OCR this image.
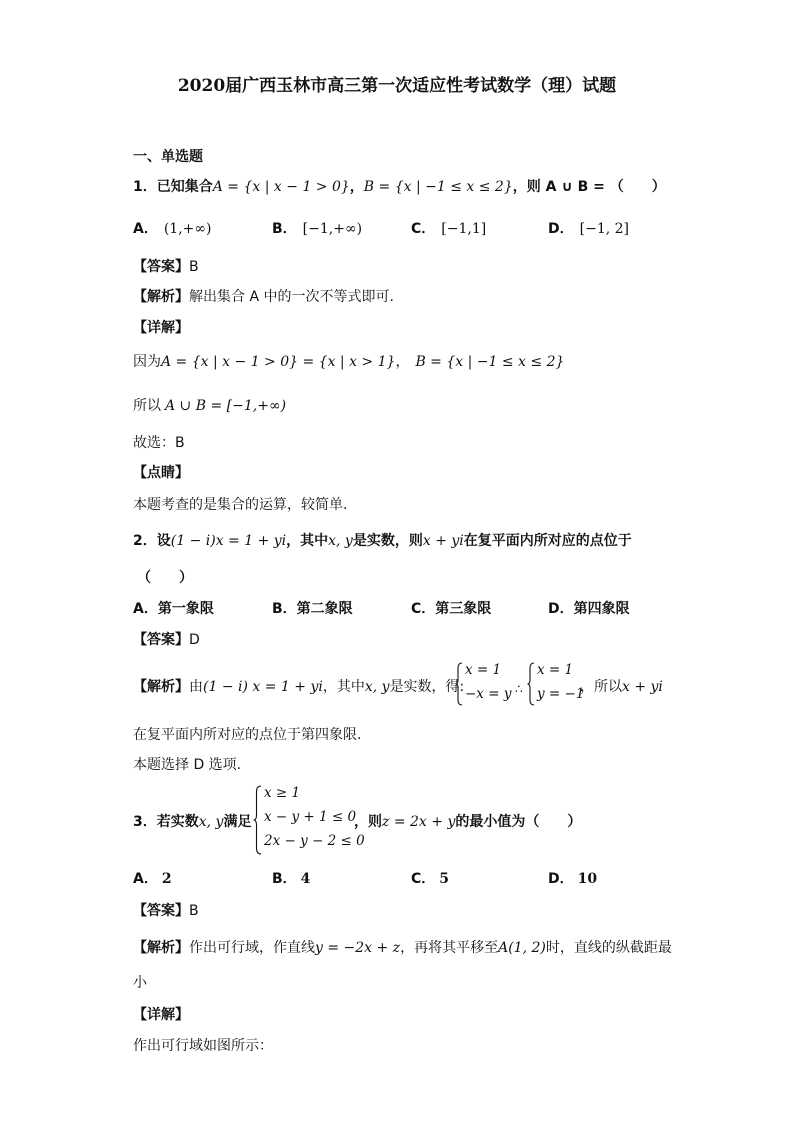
2020届广西玉林市高三第一次适应性考试数学（理）试题
一、单选题
1．已知集合A = {x | x − 1 > 0}，B = {x | −1 ≤ x ≤ 2}，则 A ∪ B = （　　）
A． (1,+∞)	B． [−1,+∞)	C． [−1,1]	D． [−1, 2]
【答案】B
【解析】解出集合 A 中的一次不等式即可.
【详解】
因为A = {x | x − 1 > 0} = {x | x > 1}， B = {x | −1 ≤ x ≤ 2}
所以 A ∪ B = [−1,+∞)
故选：B
【点睛】
本题考查的是集合的运算，较简单.
2．设(1 − i)x = 1 + yi，其中x, y是实数，则x + yi在复平面内所对应的点位于
（　　）
A．第一象限	B．第二象限	C．第三象限	D．第四象限
【答案】D
【解析】由(1 − i) x = 1 + yi，其中x, y是实数，得:
x = 1
−x = y ∴
x = 1
y = −1
，所以x + yi
在复平面内所对应的点位于第四象限.
本题选择 D 选项.
3．若实数x, y满足
x ≥ 1
x − y + 1 ≤ 0
2x − y − 2 ≤ 0
，则z = 2x + y的最小值为（　　）
A． 2	B． 4	C． 5	D． 10
【答案】B
【解析】作出可行域，作直线y = −2x + z，再将其平移至A(1, 2)时，直线的纵截距最
小
【详解】
作出可行域如图所示：
